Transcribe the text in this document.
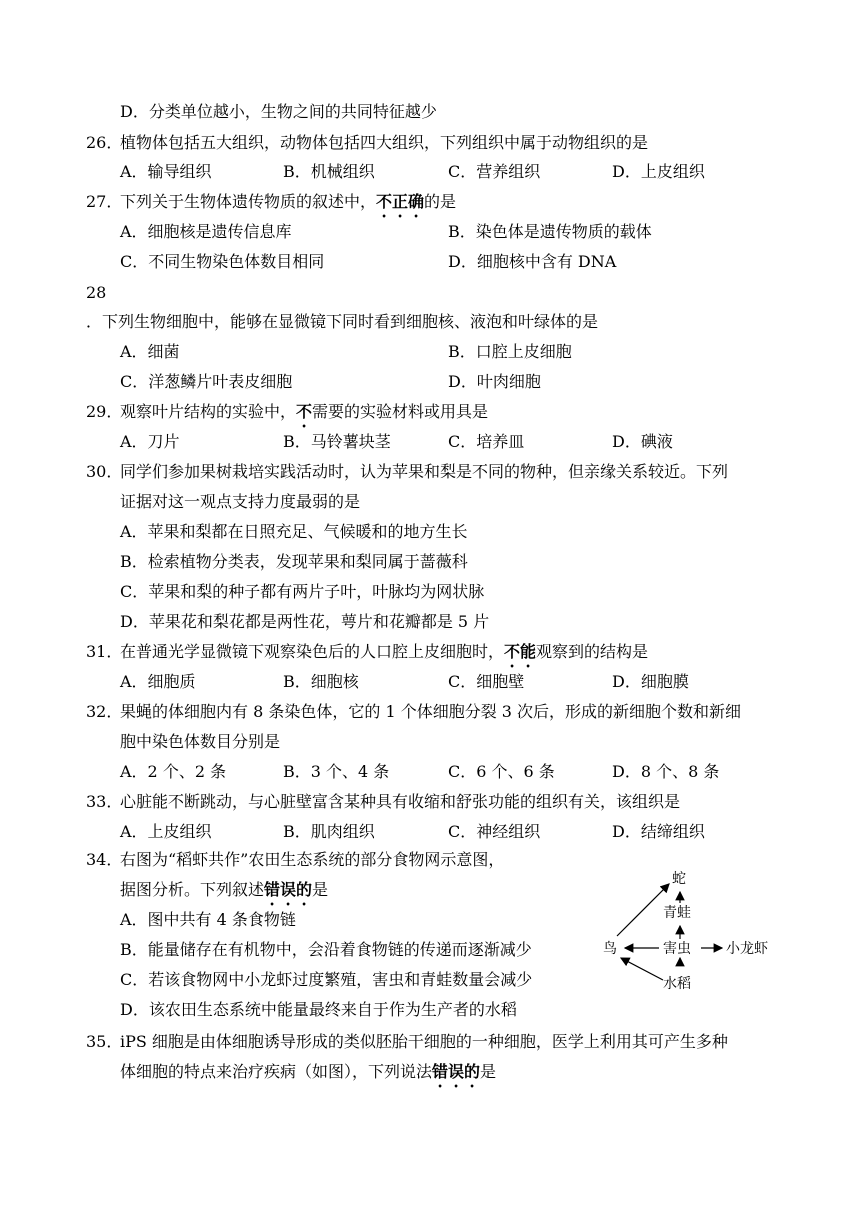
D．分类单位越小，生物之间的共同特征越少
26．
植物体包括五大组织，动物体包括四大组织，下列组织中属于动物组织的是
A．输导组织	B．机械组织	C．营养组织	D．上皮组织
27．
下列关于生物体遗传物质的叙述中，不正确的是
A．细胞核是遗传信息库	B．染色体是遗传物质的载体
C．不同生物染色体数目相同	D．细胞核中含有 DNA
28
．下列生物细胞中，能够在显微镜下同时看到细胞核、液泡和叶绿体的是
A．细菌	B．口腔上皮细胞
C．洋葱鳞片叶表皮细胞	D．叶肉细胞
29．
观察叶片结构的实验中，不需要的实验材料或用具是
A．刀片	B．马铃薯块茎	C．培养皿	D．碘液
30．
同学们参加果树栽培实践活动时，认为苹果和梨是不同的物种，但亲缘关系较近。下列
证据对这一观点支持力度最弱的是
A．苹果和梨都在日照充足、气候暖和的地方生长
B．检索植物分类表，发现苹果和梨同属于蔷薇科
C．苹果和梨的种子都有两片子叶，叶脉均为网状脉
D．苹果花和梨花都是两性花，萼片和花瓣都是 5 片
31．
在普通光学显微镜下观察染色后的人口腔上皮细胞时，不能观察到的结构是
A．细胞质	B．细胞核	C．细胞壁	D．细胞膜
32．
果蝇的体细胞内有 8 条染色体，它的 1 个体细胞分裂 3 次后，形成的新细胞个数和新细
胞中染色体数目分别是
A．2 个、2 条	B．3 个、4 条	C．6 个、6 条	D．8 个、8 条
33．
心脏能不断跳动，与心脏壁富含某种具有收缩和舒张功能的组织有关，该组织是
A．上皮组织	B．肌肉组织	C．神经组织	D．结缔组织
34．
右图为“稻虾共作”农田生态系统的部分食物网示意图，
据图分析。下列叙述错误的是
A．图中共有 4 条食物链
B．能量储存在有机物中，会沿着食物链的传递而逐渐减少
C．若该食物网中小龙虾过度繁殖，害虫和青蛙数量会减少
D．该农田生态系统中能量最终来自于作为生产者的水稻
蛇
青蛙
鸟	害虫	小龙虾
水稻
35．
iPS 细胞是由体细胞诱导形成的类似胚胎干细胞的一种细胞，医学上利用其可产生多种
体细胞的特点来治疗疾病（如图），下列说法错误的是
